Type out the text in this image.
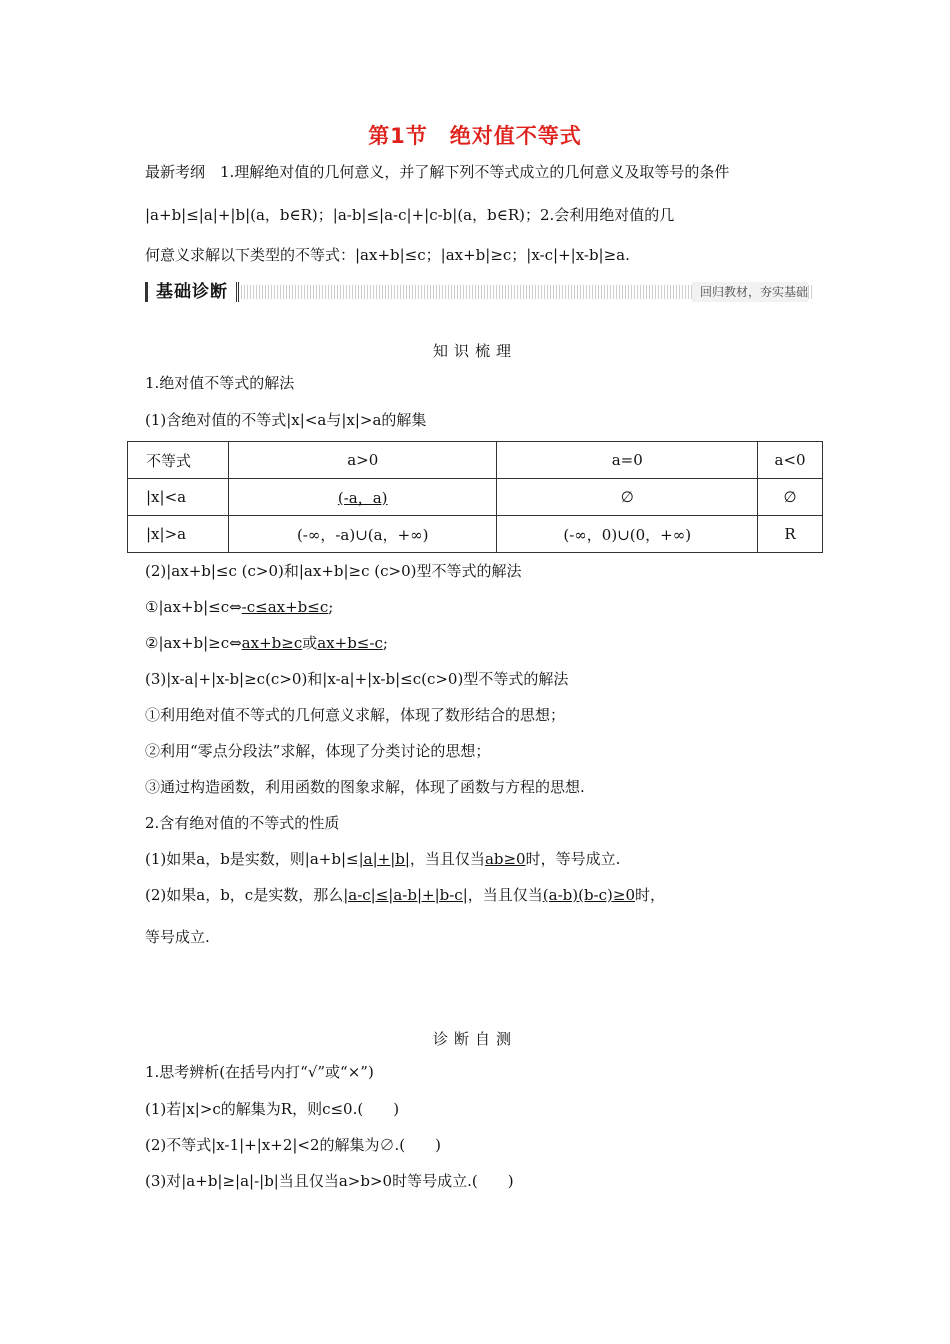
第1节　绝对值不等式
最新考纲　1.理解绝对值的几何意义，并了解下列不等式成立的几何意义及取等号的条件
|a+b|≤|a|+|b|(a，b∈R)；|a-b|≤|a-c|+|c-b|(a，b∈R)；2.会利用绝对值的几
何意义求解以下类型的不等式：|ax+b|≤c；|ax+b|≥c；|x-c|+|x-b|≥a.
基础诊断	回归教材，夯实基础
知识梳理
1.绝对值不等式的解法
(1)含绝对值的不等式|x|<a与|x|>a的解集
不等式	a>0	a=0	a<0
|x|<a	(-a，a)	∅	∅
|x|>a	(-∞，-a)∪(a，+∞)	(-∞，0)∪(0，+∞)	R
(2)|ax+b|≤c (c>0)和|ax+b|≥c (c>0)型不等式的解法
①|ax+b|≤c⇔-c≤ax+b≤c;
②|ax+b|≥c⇔ax+b≥c或ax+b≤-c;
(3)|x-a|+|x-b|≥c(c>0)和|x-a|+|x-b|≤c(c>0)型不等式的解法
①利用绝对值不等式的几何意义求解，体现了数形结合的思想；
②利用“零点分段法”求解，体现了分类讨论的思想；
③通过构造函数，利用函数的图象求解，体现了函数与方程的思想.
2.含有绝对值的不等式的性质
(1)如果a，b是实数，则|a+b|≤|a|+|b|，当且仅当ab≥0时，等号成立.
(2)如果a，b，c是实数，那么|a-c|≤|a-b|+|b-c|，当且仅当(a-b)(b-c)≥0时，
等号成立.
诊断自测
1.思考辨析(在括号内打“√”或“×”)
(1)若|x|>c的解集为R，则c≤0.(　　)
(2)不等式|x-1|+|x+2|<2的解集为∅.(　　)
(3)对|a+b|≥|a|-|b|当且仅当a>b>0时等号成立.(　　)
